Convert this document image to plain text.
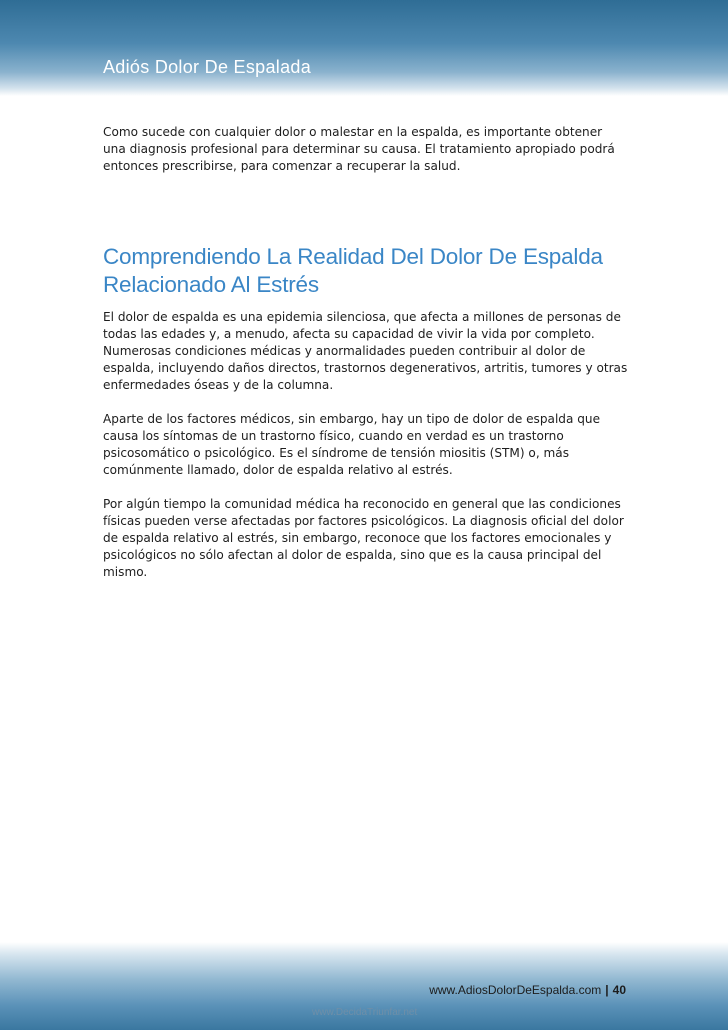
Adiós Dolor De Espalada

Como sucede con cualquier dolor o malestar en la espalda, es importante obtener una diagnosis profesional para determinar su causa. El tratamiento apropiado podrá entonces prescribirse, para comenzar a recuperar la salud.

Comprendiendo La Realidad Del Dolor De Espalda
Relacionado Al Estrés

El dolor de espalda es una epidemia silenciosa, que afecta a millones de personas de todas las edades y, a menudo, afecta su capacidad de vivir la vida por completo. Numerosas condiciones médicas y anormalidades pueden contribuir al dolor de espalda, incluyendo daños directos, trastornos degenerativos, artritis, tumores y otras enfermedades óseas y de la columna.

Aparte de los factores médicos, sin embargo, hay un tipo de dolor de espalda que causa los síntomas de un trastorno físico, cuando en verdad es un trastorno psicosomático o psicológico. Es el síndrome de tensión miositis (STM) o, más comúnmente llamado, dolor de espalda relativo al estrés.

Por algún tiempo la comunidad médica ha reconocido en general que las condiciones físicas pueden verse afectadas por factores psicológicos. La diagnosis oficial del dolor de espalda relativo al estrés, sin embargo, reconoce que los factores emocionales y psicológicos no sólo afectan al dolor de espalda, sino que es la causa principal del mismo.

www.AdiosDolorDeEspalda.com | 40
www.DecidaTriunfar.net
